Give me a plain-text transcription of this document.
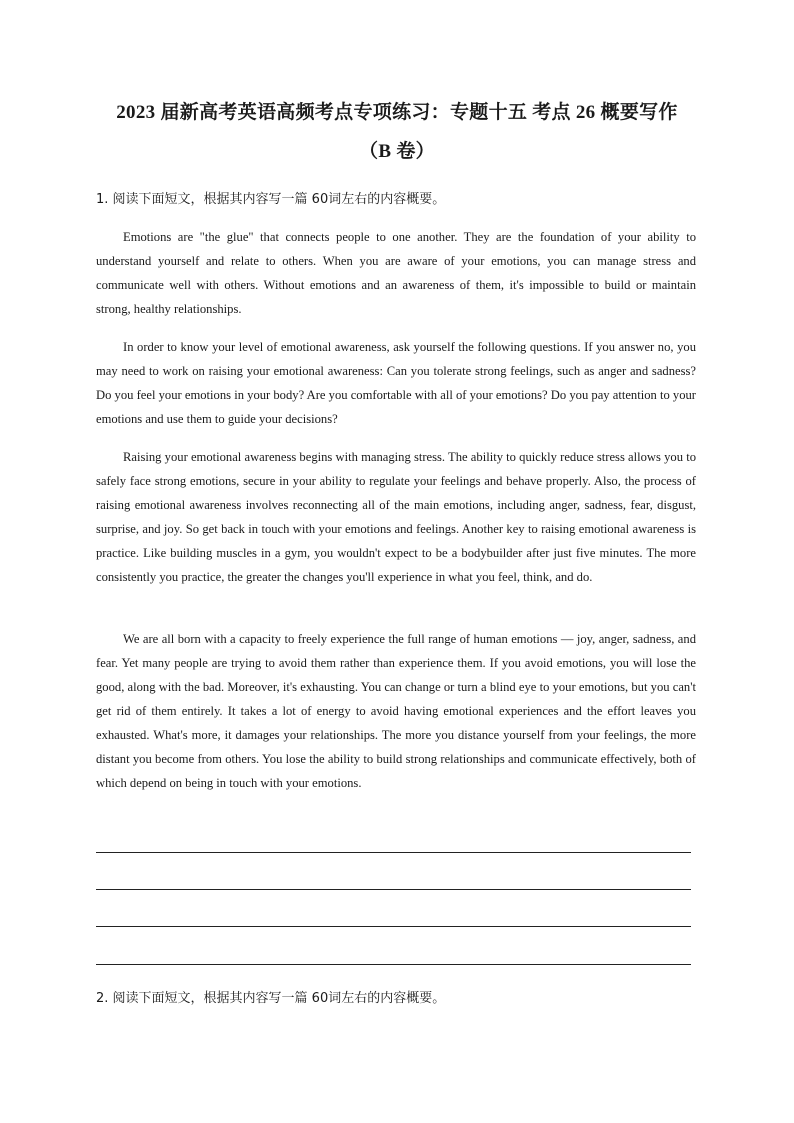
2023 届新高考英语高频考点专项练习：专题十五 考点 26 概要写作
（B 卷）
1. 阅读下面短文，根据其内容写一篇 60词左右的内容概要。

Emotions are "the glue" that connects people to one another. They are the foundation of your ability to understand yourself and relate to others. When you are aware of your emotions, you can manage stress and communicate well with others. Without emotions and an awareness of them, it's impossible to build or maintain strong, healthy relationships.

In order to know your level of emotional awareness, ask yourself the following questions. If you answer no, you may need to work on raising your emotional awareness: Can you tolerate strong feelings, such as anger and sadness? Do you feel your emotions in your body? Are you comfortable with all of your emotions? Do you pay attention to your emotions and use them to guide your decisions?

Raising your emotional awareness begins with managing stress. The ability to quickly reduce stress allows you to safely face strong emotions, secure in your ability to regulate your feelings and behave properly. Also, the process of raising emotional awareness involves reconnecting all of the main emotions, including anger, sadness, fear, disgust, surprise, and joy. So get back in touch with your emotions and feelings. Another key to raising emotional awareness is practice. Like building muscles in a gym, you wouldn't expect to be a bodybuilder after just five minutes. The more consistently you practice, the greater the changes you'll experience in what you feel, think, and do.

We are all born with a capacity to freely experience the full range of human emotions — joy, anger, sadness, and fear. Yet many people are trying to avoid them rather than experience them. If you avoid emotions, you will lose the good, along with the bad. Moreover, it's exhausting. You can change or turn a blind eye to your emotions, but you can't get rid of them entirely. It takes a lot of energy to avoid having emotional experiences and the effort leaves you exhausted. What's more, it damages your relationships. The more you distance yourself from your feelings, the more distant you become from others. You lose the ability to build strong relationships and communicate effectively, both of which depend on being in touch with your emotions.

2. 阅读下面短文，根据其内容写一篇 60词左右的内容概要。
